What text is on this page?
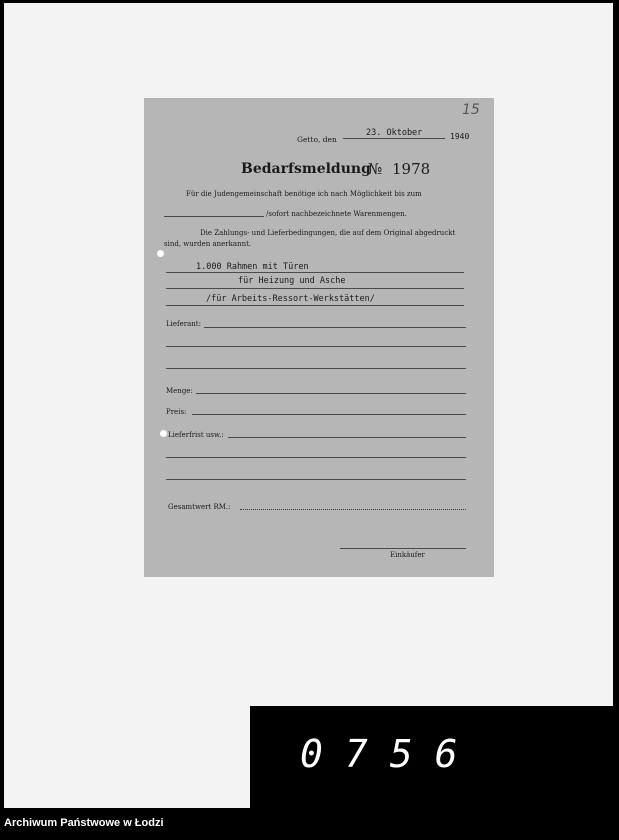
15
Getto, den
23. Oktober	1940
Bedarfsmeldung
№ 1978
Für die Judengemeinschaft benötige ich nach Möglichkeit bis zum
/sofort nachbezeichnete Warenmengen.
Die Zahlungs- und Lieferbedingungen, die auf dem Original abgedruckt
sind, wurden anerkannt.
1.000 Rahmen mit Türen
für Heizung und Asche
/für Arbeits-Ressort-Werkstätten/
Lieferant:
Menge:
Preis:
Lieferfrist usw.:
Gesamtwert RM.:
Einkäufer
0756
Archiwum Państwowe w Łodzi
